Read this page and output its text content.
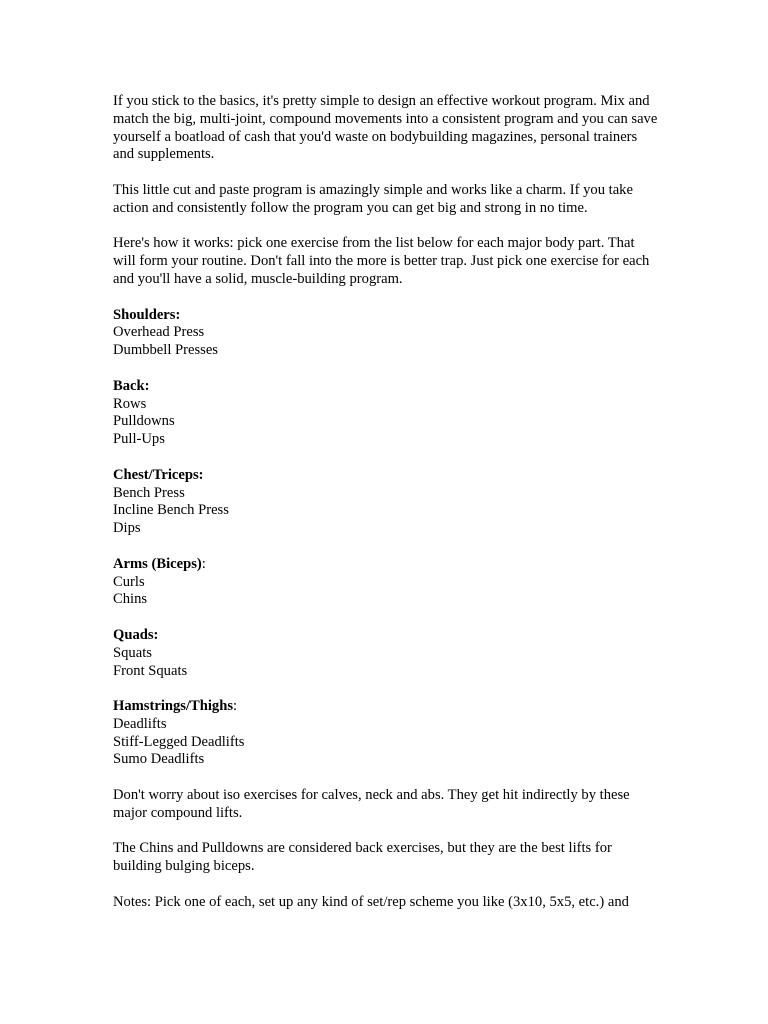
If you stick to the basics, it's pretty simple to design an effective workout program. Mix and match the big, multi-joint, compound movements into a consistent program and you can save yourself a boatload of cash that you'd waste on bodybuilding magazines, personal trainers and supplements.

This little cut and paste program is amazingly simple and works like a charm. If you take action and consistently follow the program you can get big and strong in no time.

Here's how it works: pick one exercise from the list below for each major body part. That will form your routine. Don't fall into the more is better trap. Just pick one exercise for each and you'll have a solid, muscle-building program.

Shoulders:
Overhead Press
Dumbbell Presses
Back:
Rows
Pulldowns
Pull-Ups
Chest/Triceps:
Bench Press
Incline Bench Press
Dips
Arms (Biceps):
Curls
Chins
Quads:
Squats
Front Squats
Hamstrings/Thighs:
Deadlifts
Stiff-Legged Deadlifts
Sumo Deadlifts

Don't worry about iso exercises for calves, neck and abs. They get hit indirectly by these major compound lifts.

The Chins and Pulldowns are considered back exercises, but they are the best lifts for building bulging biceps.

Notes: Pick one of each, set up any kind of set/rep scheme you like (3x10, 5x5, etc.) and
